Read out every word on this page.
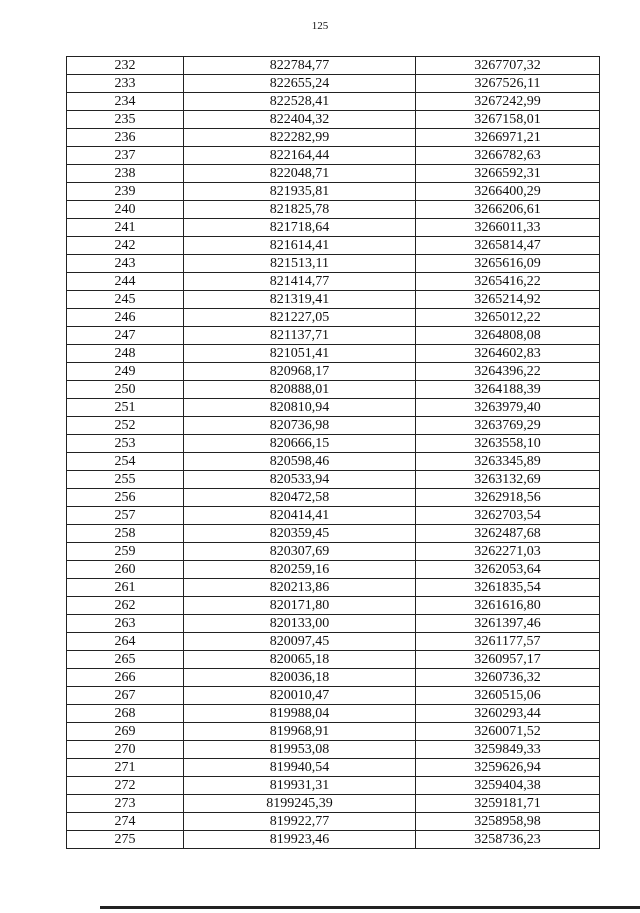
125
232	822784,77	3267707,32
233	822655,24	3267526,11
234	822528,41	3267242,99
235	822404,32	3267158,01
236	822282,99	3266971,21
237	822164,44	3266782,63
238	822048,71	3266592,31
239	821935,81	3266400,29
240	821825,78	3266206,61
241	821718,64	3266011,33
242	821614,41	3265814,47
243	821513,11	3265616,09
244	821414,77	3265416,22
245	821319,41	3265214,92
246	821227,05	3265012,22
247	821137,71	3264808,08
248	821051,41	3264602,83
249	820968,17	3264396,22
250	820888,01	3264188,39
251	820810,94	3263979,40
252	820736,98	3263769,29
253	820666,15	3263558,10
254	820598,46	3263345,89
255	820533,94	3263132,69
256	820472,58	3262918,56
257	820414,41	3262703,54
258	820359,45	3262487,68
259	820307,69	3262271,03
260	820259,16	3262053,64
261	820213,86	3261835,54
262	820171,80	3261616,80
263	820133,00	3261397,46
264	820097,45	3261177,57
265	820065,18	3260957,17
266	820036,18	3260736,32
267	820010,47	3260515,06
268	819988,04	3260293,44
269	819968,91	3260071,52
270	819953,08	3259849,33
271	819940,54	3259626,94
272	819931,31	3259404,38
273	8199245,39	3259181,71
274	819922,77	3258958,98
275	819923,46	3258736,23
